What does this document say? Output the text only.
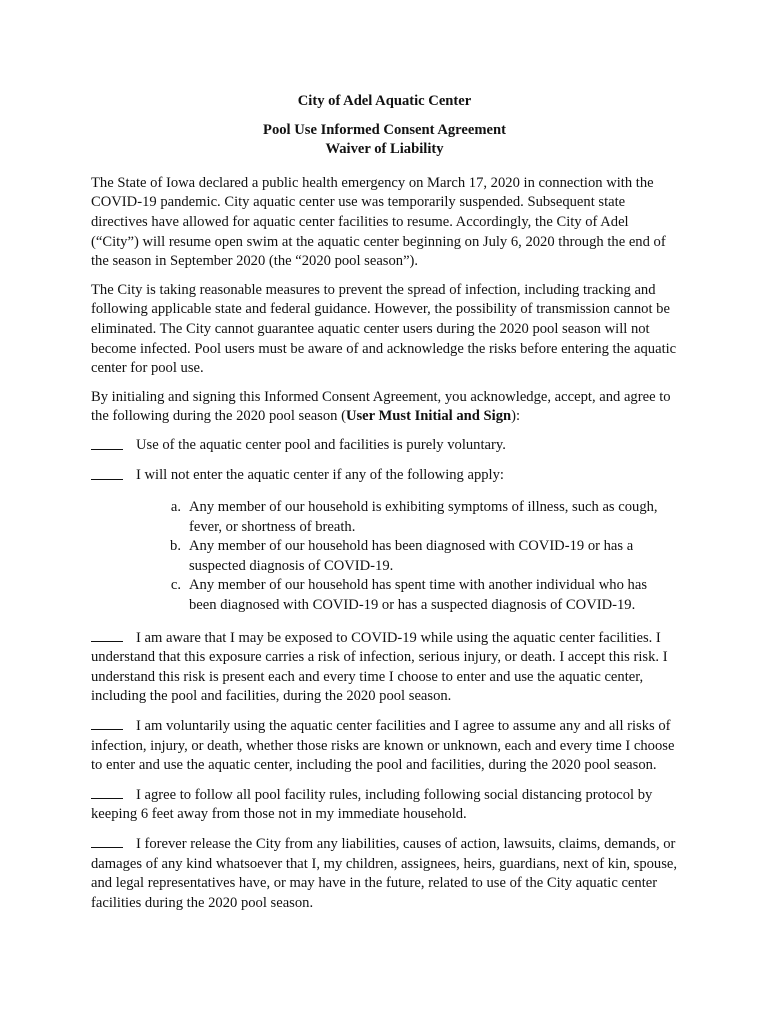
City of Adel Aquatic Center
Pool Use Informed Consent Agreement
Waiver of Liability

The State of Iowa declared a public health emergency on March 17, 2020 in connection with the COVID-19 pandemic. City aquatic center use was temporarily suspended. Subsequent state directives have allowed for aquatic center facilities to resume. Accordingly, the City of Adel (“City”) will resume open swim at the aquatic center beginning on July 6, 2020 through the end of the season in September 2020 (the “2020 pool season”).

The City is taking reasonable measures to prevent the spread of infection, including tracking and following applicable state and federal guidance. However, the possibility of transmission cannot be eliminated. The City cannot guarantee aquatic center users during the 2020 pool season will not become infected. Pool users must be aware of and acknowledge the risks before entering the aquatic center for pool use.

By initialing and signing this Informed Consent Agreement, you acknowledge, accept, and agree to the following during the 2020 pool season (User Must Initial and Sign):

Use of the aquatic center pool and facilities is purely voluntary.
I will not enter the aquatic center if any of the following apply:
a. Any member of our household is exhibiting symptoms of illness, such as cough, fever, or shortness of breath.
b. Any member of our household has been diagnosed with COVID-19 or has a suspected diagnosis of COVID-19.
c. Any member of our household has spent time with another individual who has been diagnosed with COVID-19 or has a suspected diagnosis of COVID-19.

I am aware that I may be exposed to COVID-19 while using the aquatic center facilities. I understand that this exposure carries a risk of infection, serious injury, or death. I accept this risk. I understand this risk is present each and every time I choose to enter and use the aquatic center, including the pool and facilities, during the 2020 pool season.

I am voluntarily using the aquatic center facilities and I agree to assume any and all risks of infection, injury, or death, whether those risks are known or unknown, each and every time I choose to enter and use the aquatic center, including the pool and facilities, during the 2020 pool season.

I agree to follow all pool facility rules, including following social distancing protocol by keeping 6 feet away from those not in my immediate household.

I forever release the City from any liabilities, causes of action, lawsuits, claims, demands, or damages of any kind whatsoever that I, my children, assignees, heirs, guardians, next of kin, spouse, and legal representatives have, or may have in the future, related to use of the City aquatic center facilities during the 2020 pool season.
